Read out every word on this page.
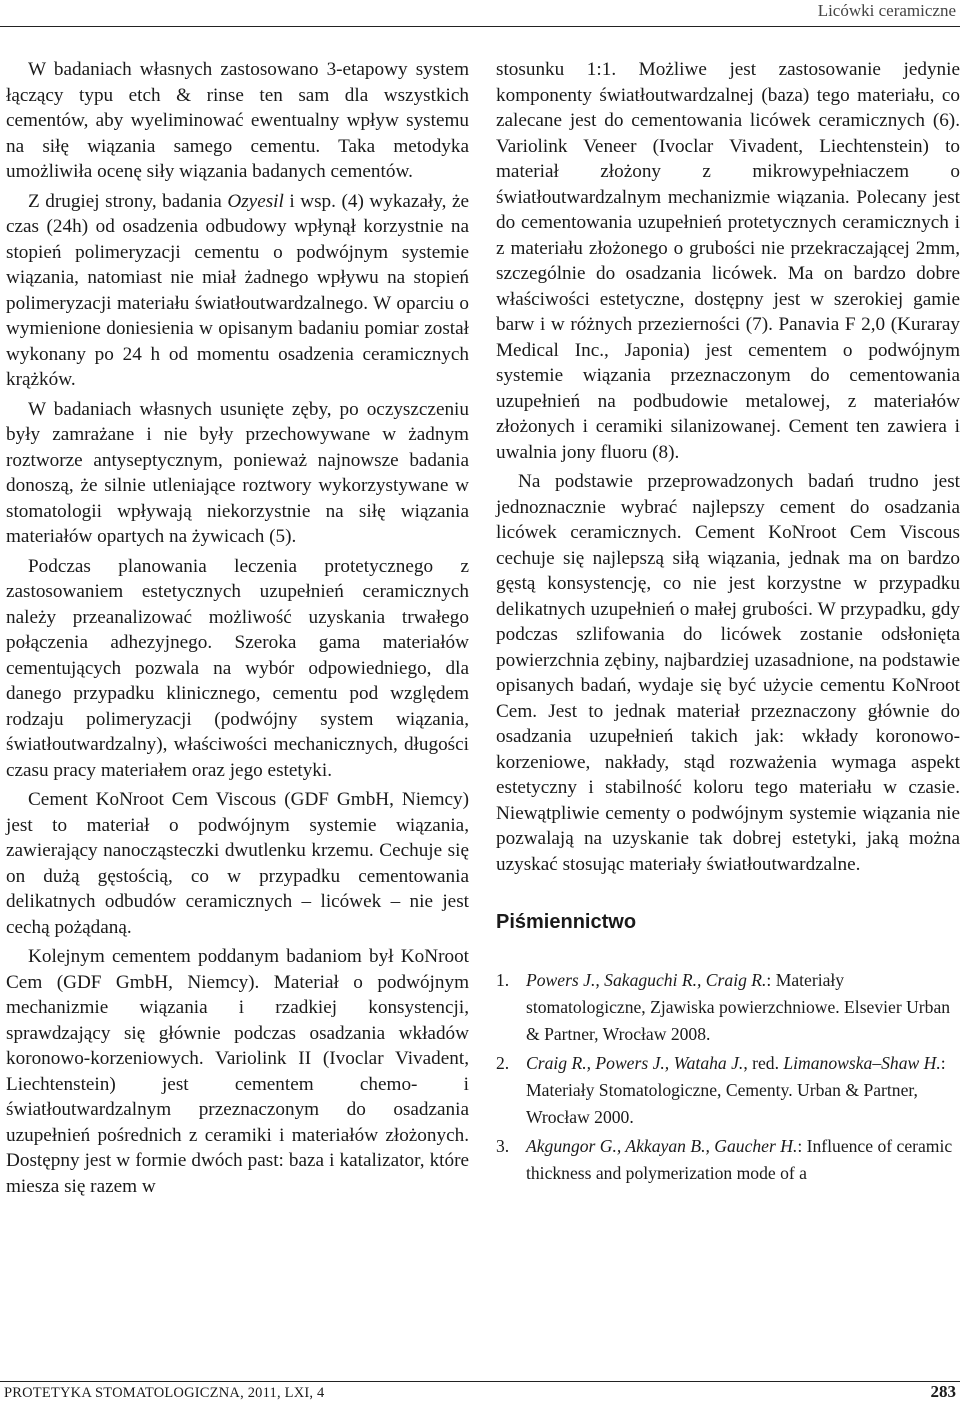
Licówki ceramiczne

W badaniach własnych zastosowano 3-etapowy system łączący typu etch & rinse ten sam dla wszystkich cementów, aby wyeliminować ewentualny wpływ systemu na siłę wiązania samego cementu. Taka metodyka umożliwiła ocenę siły wiązania badanych cementów.

Z drugiej strony, badania Ozyesil i wsp. (4) wykazały, że czas (24h) od osadzenia odbudowy wpłynął korzystnie na stopień polimeryzacji cementu o podwójnym systemie wiązania, natomiast nie miał żadnego wpływu na stopień polimeryzacji materiału światłoutwardzalnego. W oparciu o wymienione doniesienia w opisanym badaniu pomiar został wykonany po 24 h od momentu osadzenia ceramicznych krążków.

W badaniach własnych usunięte zęby, po oczyszczeniu były zamrażane i nie były przechowywane w żadnym roztworze antyseptycznym, ponieważ najnowsze badania donoszą, że silnie utleniające roztwory wykorzystywane w stomatologii wpływają niekorzystnie na siłę wiązania materiałów opartych na żywicach (5).

Podczas planowania leczenia protetycznego z zastosowaniem estetycznych uzupełnień ceramicznych należy przeanalizować możliwość uzyskania trwałego połączenia adhezyjnego. Szeroka gama materiałów cementujących pozwala na wybór odpowiedniego, dla danego przypadku klinicznego, cementu pod względem rodzaju polimeryzacji (podwójny system wiązania, światłoutwardzalny), właściwości mechanicznych, długości czasu pracy materiałem oraz jego estetyki.

Cement KoNroot Cem Viscous (GDF GmbH, Niemcy) jest to materiał o podwójnym systemie wiązania, zawierający nanocząsteczki dwutlenku krzemu. Cechuje się on dużą gęstością, co w przypadku cementowania delikatnych odbudów ceramicznych – licówek – nie jest cechą pożądaną.

Kolejnym cementem poddanym badaniom był KoNroot Cem (GDF GmbH, Niemcy). Materiał o podwójnym mechanizmie wiązania i rzadkiej konsystencji, sprawdzający się głównie podczas osadzania wkładów koronowo-korzeniowych. Variolink II (Ivoclar Vivadent, Liechtenstein) jest cementem chemo- i światłoutwardzalnym przeznaczonym do osadzania uzupełnień pośrednich z ceramiki i materiałów złożonych. Dostępny jest w formie dwóch past: baza i katalizator, które miesza się razem w

stosunku 1:1. Możliwe jest zastosowanie jedynie komponenty światłoutwardzalnej (baza) tego materiału, co zalecane jest do cementowania licówek ceramicznych (6). Variolink Veneer (Ivoclar Vivadent, Liechtenstein) to materiał złożony z mikrowypełniaczem o światłoutwardzalnym mechanizmie wiązania. Polecany jest do cementowania uzupełnień protetycznych ceramicznych i z materiału złożonego o grubości nie przekraczającej 2mm, szczególnie do osadzania licówek. Ma on bardzo dobre właściwości estetyczne, dostępny jest w szerokiej gamie barw i w różnych przezierności (7). Panavia F 2,0 (Kuraray Medical Inc., Japonia) jest cementem o podwójnym systemie wiązania przeznaczonym do cementowania uzupełnień na podbudowie metalowej, z materiałów złożonych i ceramiki silanizowanej. Cement ten zawiera i uwalnia jony fluoru (8).

Na podstawie przeprowadzonych badań trudno jest jednoznacznie wybrać najlepszy cement do osadzania licówek ceramicznych. Cement KoNroot Cem Viscous cechuje się najlepszą siłą wiązania, jednak ma on bardzo gęstą konsystencję, co nie jest korzystne w przypadku delikatnych uzupełnień o małej grubości. W przypadku, gdy podczas szlifowania do licówek zostanie odsłonięta powierzchnia zębiny, najbardziej uzasadnione, na podstawie opisanych badań, wydaje się być użycie cementu KoNroot Cem. Jest to jednak materiał przeznaczony głównie do osadzania uzupełnień takich jak: wkłady koronowo-korzeniowe, nakłady, stąd rozważenia wymaga aspekt estetyczny i stabilność koloru tego materiału w czasie. Niewątpliwie cementy o podwójnym systemie wiązania nie pozwalają na uzyskanie tak dobrej estetyki, jaką można uzyskać stosując materiały światłoutwardzalne.

Piśmiennictwo
1. Powers J., Sakaguchi R., Craig R.: Materiały stomatologiczne, Zjawiska powierzchniowe. Elsevier Urban & Partner, Wrocław 2008.
2. Craig R., Powers J., Wataha J., red. Limanowska–Shaw H.: Materiały Stomatologiczne, Cementy. Urban & Partner, Wrocław 2000.
3. Akgungor G., Akkayan B., Gaucher H.: Influence of ceramic thickness and polymerization mode of a
PROTETYKA STOMATOLOGICZNA, 2011, LXI, 4	283
